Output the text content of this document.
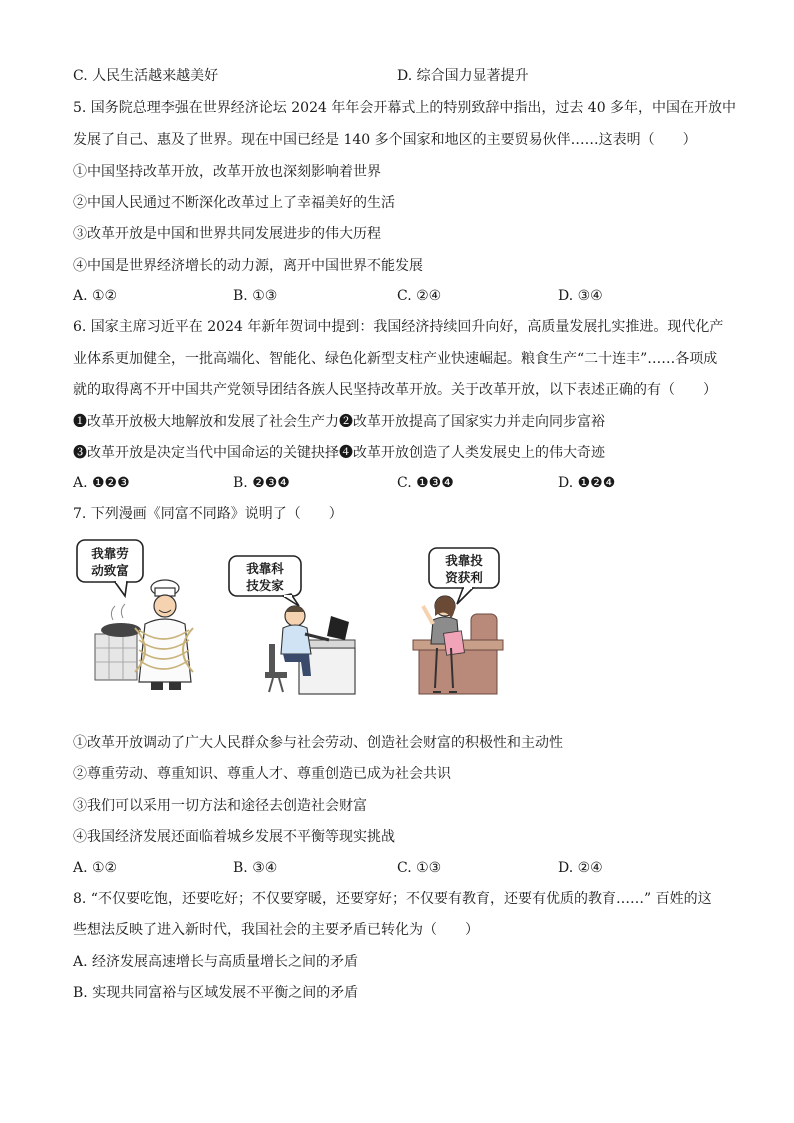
C. 人民生活越来越美好	D. 综合国力显著提升
5. 国务院总理李强在世界经济论坛 2024 年年会开幕式上的特别致辞中指出，过去 40 多年，中国在开放中
发展了自己、惠及了世界。现在中国已经是 140 多个国家和地区的主要贸易伙伴……这表明（　　）
①中国坚持改革开放，改革开放也深刻影响着世界
②中国人民通过不断深化改革过上了幸福美好的生活
③改革开放是中国和世界共同发展进步的伟大历程
④中国是世界经济增长的动力源，离开中国世界不能发展
A. ①②	B. ①③	C. ②④	D. ③④
6. 国家主席习近平在 2024 年新年贺词中提到：我国经济持续回升向好，高质量发展扎实推进。现代化产
业体系更加健全，一批高端化、智能化、绿色化新型支柱产业快速崛起。粮食生产“二十连丰”……各项成
就的取得离不开中国共产党领导团结各族人民坚持改革开放。关于改革开放，以下表述正确的有（　　）
❶改革开放极大地解放和发展了社会生产力❷改革开放提高了国家实力并走向同步富裕
❸改革开放是决定当代中国命运的关键抉择❹改革开放创造了人类发展史上的伟大奇迹
A. ❶❷❸	B. ❷❸❹	C. ❶❸❹	D. ❶❷❹
7. 下列漫画《同富不同路》说明了（　　）
我靠劳
动致富	我靠科
技发家
我靠投
资获利
①改革开放调动了广大人民群众参与社会劳动、创造社会财富的积极性和主动性
②尊重劳动、尊重知识、尊重人才、尊重创造已成为社会共识
③我们可以采用一切方法和途径去创造社会财富
④我国经济发展还面临着城乡发展不平衡等现实挑战
A. ①②	B. ③④	C. ①③	D. ②④
8. “不仅要吃饱，还要吃好；不仅要穿暖，还要穿好；不仅要有教育，还要有优质的教育……” 百姓的这
些想法反映了进入新时代，我国社会的主要矛盾已转化为（　　）
A. 经济发展高速增长与高质量增长之间的矛盾
B. 实现共同富裕与区域发展不平衡之间的矛盾
